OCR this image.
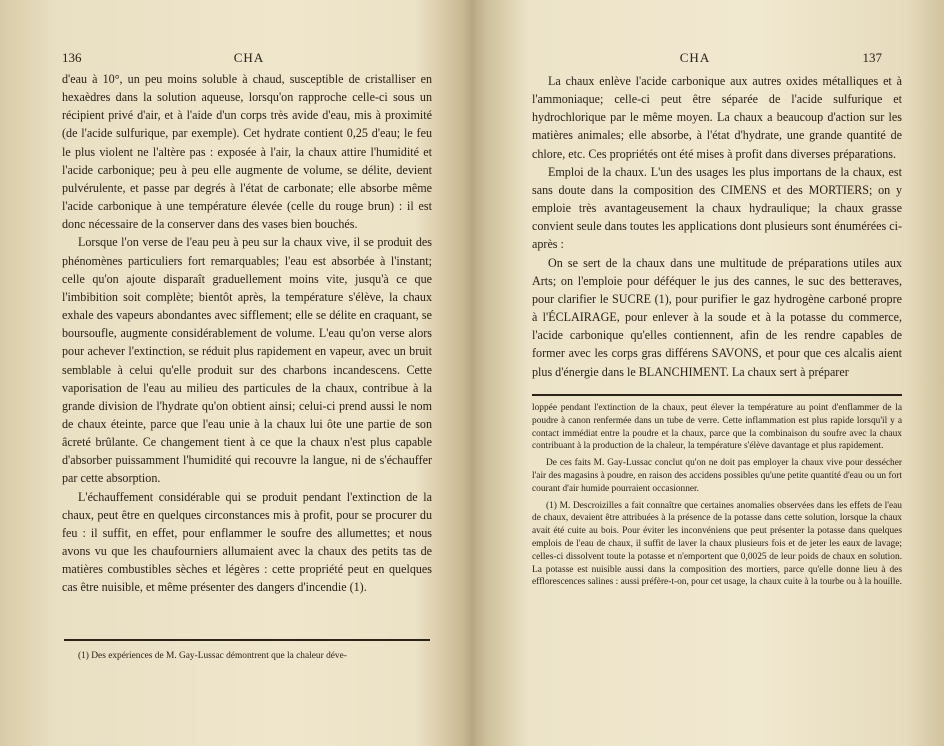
136	CHA

d'eau à 10°, un peu moins soluble à chaud, susceptible de cristalliser en hexaèdres dans la solution aqueuse, lorsqu'on rapproche celle-ci sous un récipient privé d'air, et à l'aide d'un corps très avide d'eau, mis à proximité (de l'acide sulfurique, par exemple). Cet hydrate contient 0,25 d'eau; le feu le plus violent ne l'altère pas : exposée à l'air, la chaux attire l'humidité et l'acide carbonique; peu à peu elle augmente de volume, se délite, devient pulvérulente, et passe par degrés à l'état de carbonate; elle absorbe même l'acide carbonique à une température élevée (celle du rouge brun) : il est donc nécessaire de la conserver dans des vases bien bouchés.

Lorsque l'on verse de l'eau peu à peu sur la chaux vive, il se produit des phénomènes particuliers fort remarquables; l'eau est absorbée à l'instant; celle qu'on ajoute disparaît graduellement moins vite, jusqu'à ce que l'imbibition soit complète; bientôt après, la température s'élève, la chaux exhale des vapeurs abondantes avec sifflement; elle se délite en craquant, se boursoufle, augmente considérablement de volume. L'eau qu'on verse alors pour achever l'extinction, se réduit plus rapidement en vapeur, avec un bruit semblable à celui qu'elle produit sur des charbons incandescens. Cette vaporisation de l'eau au milieu des particules de la chaux, contribue à la grande division de l'hydrate qu'on obtient ainsi; celui-ci prend aussi le nom de chaux éteinte, parce que l'eau unie à la chaux lui ôte une partie de son âcreté brûlante. Ce changement tient à ce que la chaux n'est plus capable d'absorber puissamment l'humidité qui recouvre la langue, ni de s'échauffer par cette absorption.

L'échauffement considérable qui se produit pendant l'extinction de la chaux, peut être en quelques circonstances mis à profit, pour se procurer du feu : il suffit, en effet, pour enflammer le soufre des allumettes; et nous avons vu que les chaufourniers allumaient avec la chaux des petits tas de matières combustibles sèches et légères : cette propriété peut en quelques cas être nuisible, et même présenter des dangers d'incendie (1).

(1) Des expériences de M. Gay-Lussac démontrent que la chaleur déve-

CHA	137

La chaux enlève l'acide carbonique aux autres oxides métalliques et à l'ammoniaque; celle-ci peut être séparée de l'acide sulfurique et hydrochlorique par le même moyen. La chaux a beaucoup d'action sur les matières animales; elle absorbe, à l'état d'hydrate, une grande quantité de chlore, etc. Ces propriétés ont été mises à profit dans diverses préparations.

Emploi de la chaux. L'un des usages les plus importans de la chaux, est sans doute dans la composition des CIMENS et des MORTIERS; on y emploie très avantageusement la chaux hydraulique; la chaux grasse convient seule dans toutes les applications dont plusieurs sont énumérées ci-après :

On se sert de la chaux dans une multitude de préparations utiles aux Arts; on l'emploie pour déféquer le jus des cannes, le suc des betteraves, pour clarifier le SUCRE (1), pour purifier le gaz hydrogène carboné propre à l'ÉCLAIRAGE, pour enlever à la soude et à la potasse du commerce, l'acide carbonique qu'elles contiennent, afin de les rendre capables de former avec les corps gras différens SAVONS, et pour que ces alcalis aient plus d'énergie dans le BLANCHIMENT. La chaux sert à préparer

loppée pendant l'extinction de la chaux, peut élever la température au point d'enflammer de la poudre à canon renfermée dans un tube de verre. Cette inflammation est plus rapide lorsqu'il y a contact immédiat entre la poudre et la chaux, parce que la combinaison du soufre avec la chaux contribuant à la production de la chaleur, la température s'élève davantage et plus rapidement.

De ces faits M. Gay-Lussac conclut qu'on ne doit pas employer la chaux vive pour dessécher l'air des magasins à poudre, en raison des accidens possibles qu'une petite quantité d'eau ou un fort courant d'air humide pourraient occasionner.

(1) M. Descroizilles a fait connaître que certaines anomalies observées dans les effets de l'eau de chaux, devaient être attribuées à la présence de la potasse dans cette solution, lorsque la chaux avait été cuite au bois. Pour éviter les inconvéniens que peut présenter la potasse dans quelques emplois de l'eau de chaux, il suffit de laver la chaux plusieurs fois et de jeter les eaux de lavage; celles-ci dissolvent toute la potasse et n'emportent que 0,0025 de leur poids de chaux en solution. La potasse est nuisible aussi dans la composition des mortiers, parce qu'elle donne lieu à des efflorescences salines : aussi préfère-t-on, pour cet usage, la chaux cuite à la tourbe ou à la houille.
